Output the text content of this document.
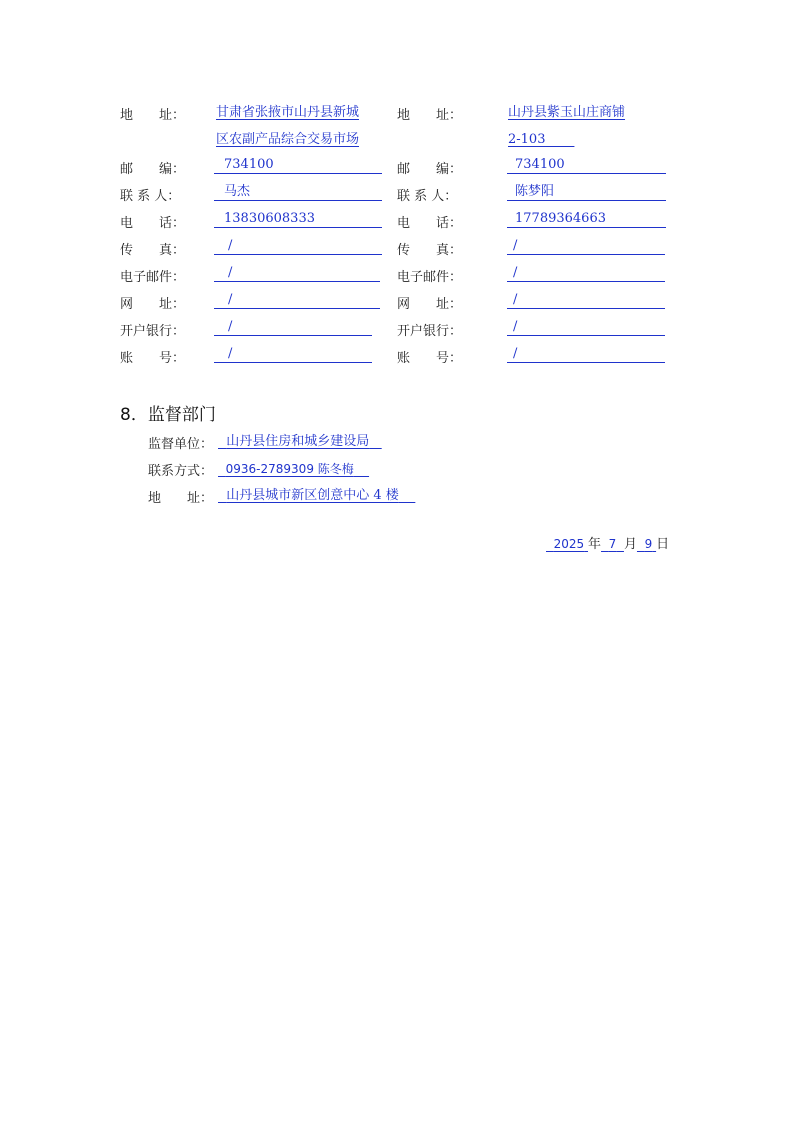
地　　址： 甘肃省张掖市山丹县新城
区农副产品综合交易市场
邮　　编：	734100
联 系 人：	马杰
电　　话：	13830608333
传　　真：	/
电子邮件：	/
网　　址：	/
开户银行：	/
账　　号：	/
地　　址：	山丹县紫玉山庄商铺
2-103
邮　　编：	734100
联 系 人：	陈梦阳
电　　话：	17789364663
传　　真：	/
电子邮件：	/
网　　址：	/
开户银行：	/
账　　号：	/
8．监督部门
监督单位：	山丹县住房和城乡建设局
联系方式：	0936-2789309 陈冬梅
地　　址：	山丹县城市新区创意中心 4 楼
2025 年 7 月 9 日
